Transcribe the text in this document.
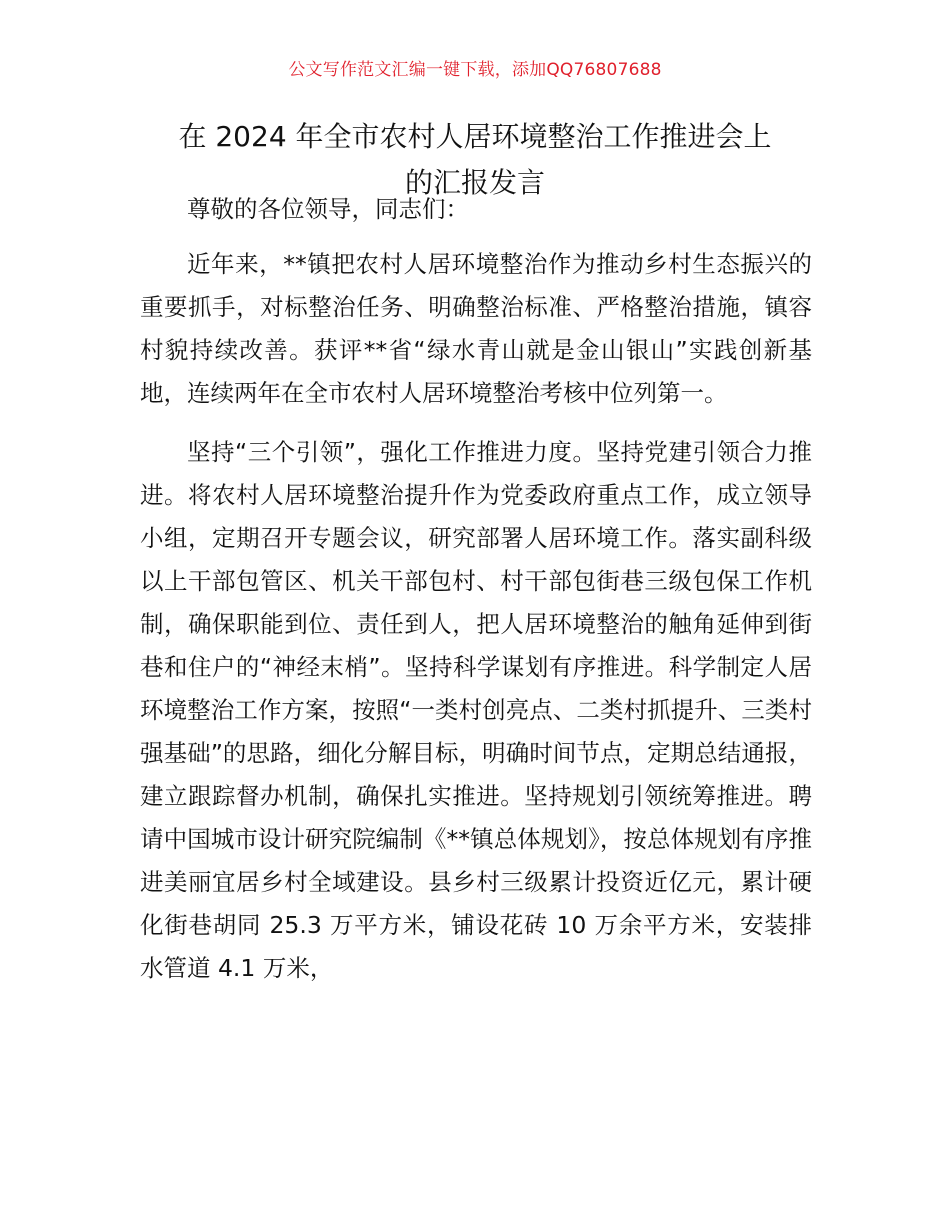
公文写作范文汇编一键下载，添加QQ76807688
在 2024 年全市农村人居环境整治工作推进会上
的汇报发言

尊敬的各位领导，同志们：

近年来，**镇把农村人居环境整治作为推动乡村生态振兴的重要抓手，对标整治任务、明确整治标准、严格整治措施，镇容村貌持续改善。获评**省“绿水青山就是金山银山”实践创新基地，连续两年在全市农村人居环境整治考核中位列第一。

坚持“三个引领”，强化工作推进力度。坚持党建引领合力推进。将农村人居环境整治提升作为党委政府重点工作，成立领导小组，定期召开专题会议，研究部署人居环境工作。落实副科级以上干部包管区、机关干部包村、村干部包街巷三级包保工作机制，确保职能到位、责任到人，把人居环境整治的触角延伸到街巷和住户的“神经末梢”。坚持科学谋划有序推进。科学制定人居环境整治工作方案，按照“一类村创亮点、二类村抓提升、三类村强基础”的思路，细化分解目标，明确时间节点，定期总结通报，建立跟踪督办机制，确保扎实推进。坚持规划引领统筹推进。聘请中国城市设计研究院编制《**镇总体规划》，按总体规划有序推进美丽宜居乡村全域建设。县乡村三级累计投资近亿元，累计硬化街巷胡同 25.3 万平方米，铺设花砖 10 万余平方米，安装排水管道 4.1 万米，
